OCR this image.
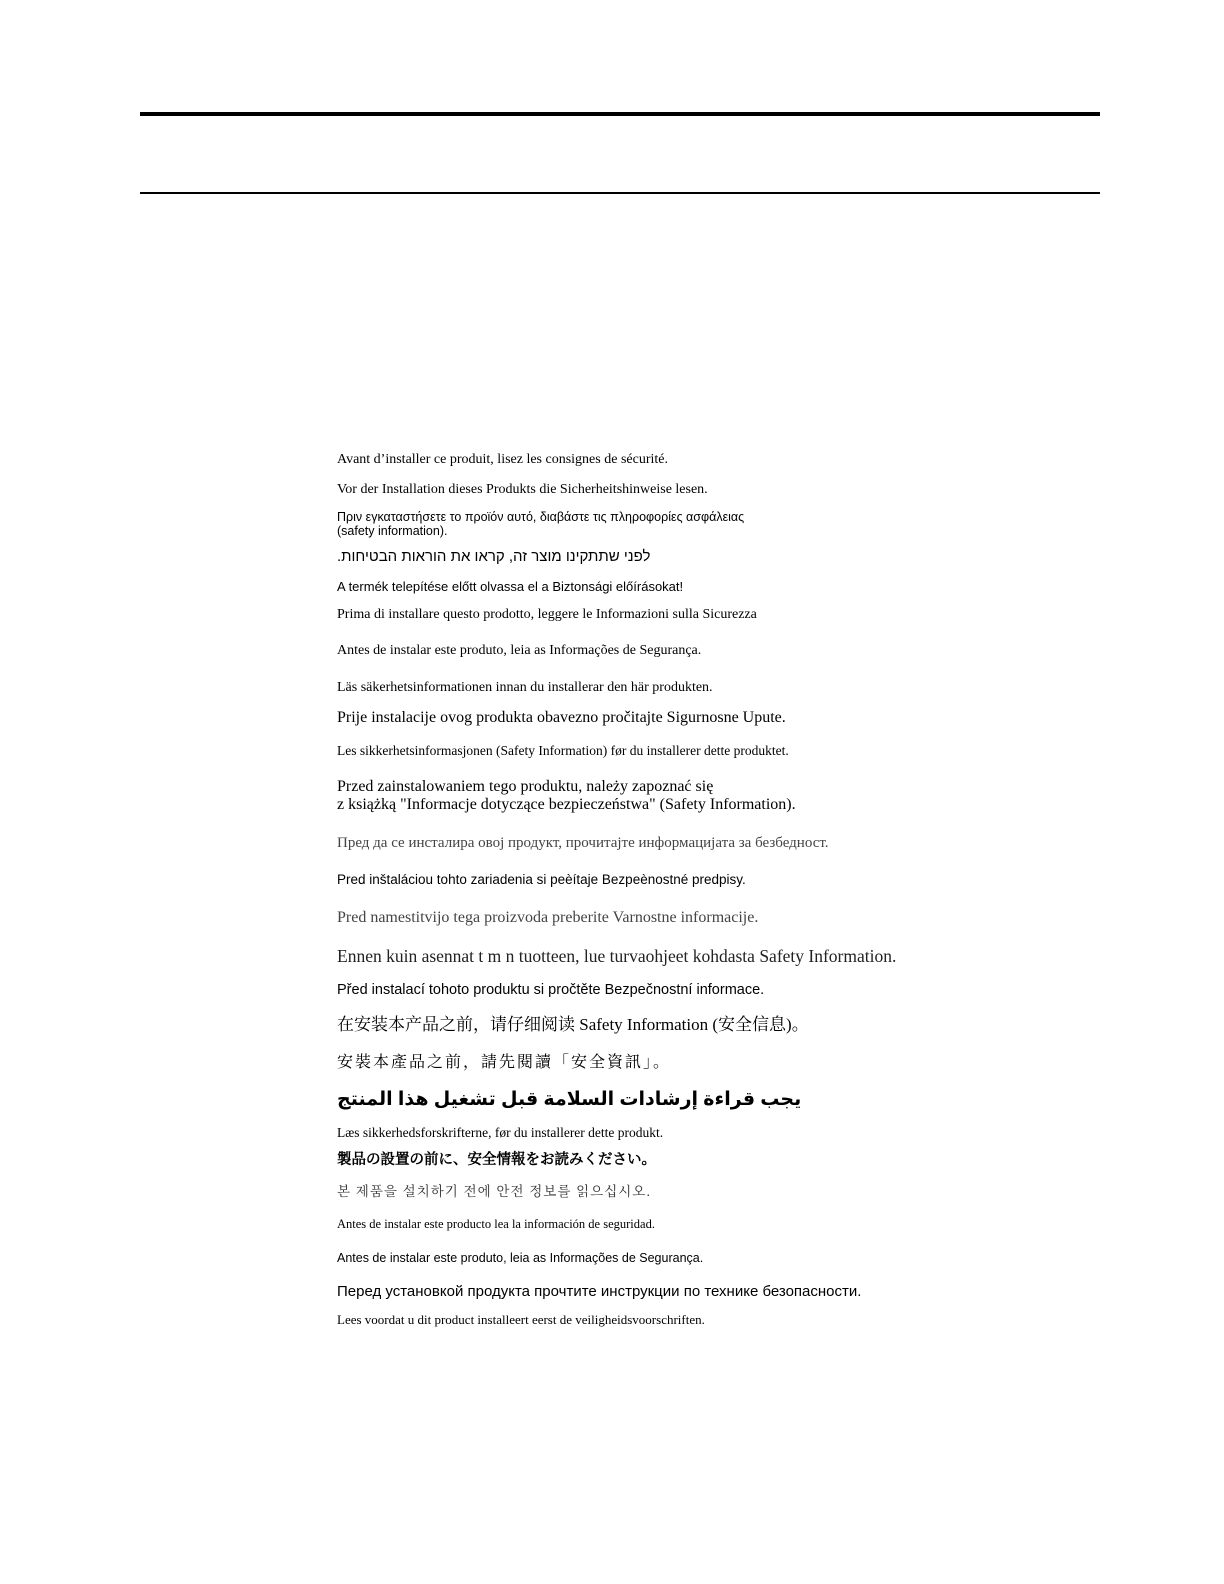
Avant d’installer ce produit, lisez les consignes de sécurité.
Vor der Installation dieses Produkts die Sicherheitshinweise lesen.
Πριν εγκαταστήσετε το προϊόν αυτό, διαβάστε τις πληροφορίες ασφάλειας
(safety information).
לפני שתתקינו מוצר זה, קראו את הוראות הבטיחות.
A termék telepítése előtt olvassa el a Biztonsági előírásokat!
Prima di installare questo prodotto, leggere le Informazioni sulla Sicurezza
Antes de instalar este produto, leia as Informações de Segurança.
Läs säkerhetsinformationen innan du installerar den här produkten.
Prije instalacije ovog produkta obavezno pročitajte Sigurnosne Upute.
Les sikkerhetsinformasjonen (Safety Information) før du installerer dette produktet.
Przed zainstalowaniem tego produktu, należy zapoznać się
z książką "Informacje dotyczące bezpieczeństwa" (Safety Information).
Пред да се инсталира овој продукт, прочитајте информацијата за безбедност.
Pred inštaláciou tohto zariadenia si peèítaje Bezpeènostné predpisy.
Pred namestitvijo tega proizvoda preberite Varnostne informacije.
Ennen kuin asennat t m n tuotteen, lue turvaohjeet kohdasta Safety Information.
Před instalací tohoto produktu si pročtěte Bezpečnostní informace.
在安装本产品之前，请仔细阅读 Safety Information (安全信息)。
安裝本產品之前，請先閱讀「安全資訊」。
يجب قراءة إرشادات السلامة قبل تشغيل هذا المنتج
Læs sikkerhedsforskrifterne, før du installerer dette produkt.
製品の設置の前に、安全情報をお読みください。
본 제품을 설치하기 전에 안전 정보를 읽으십시오.
Antes de instalar este producto lea la información de seguridad.
Antes de instalar este produto, leia as Informações de Segurança.
Перед установкой продукта прочтите инструкции по технике безопасности.
Lees voordat u dit product installeert eerst de veiligheidsvoorschriften.
